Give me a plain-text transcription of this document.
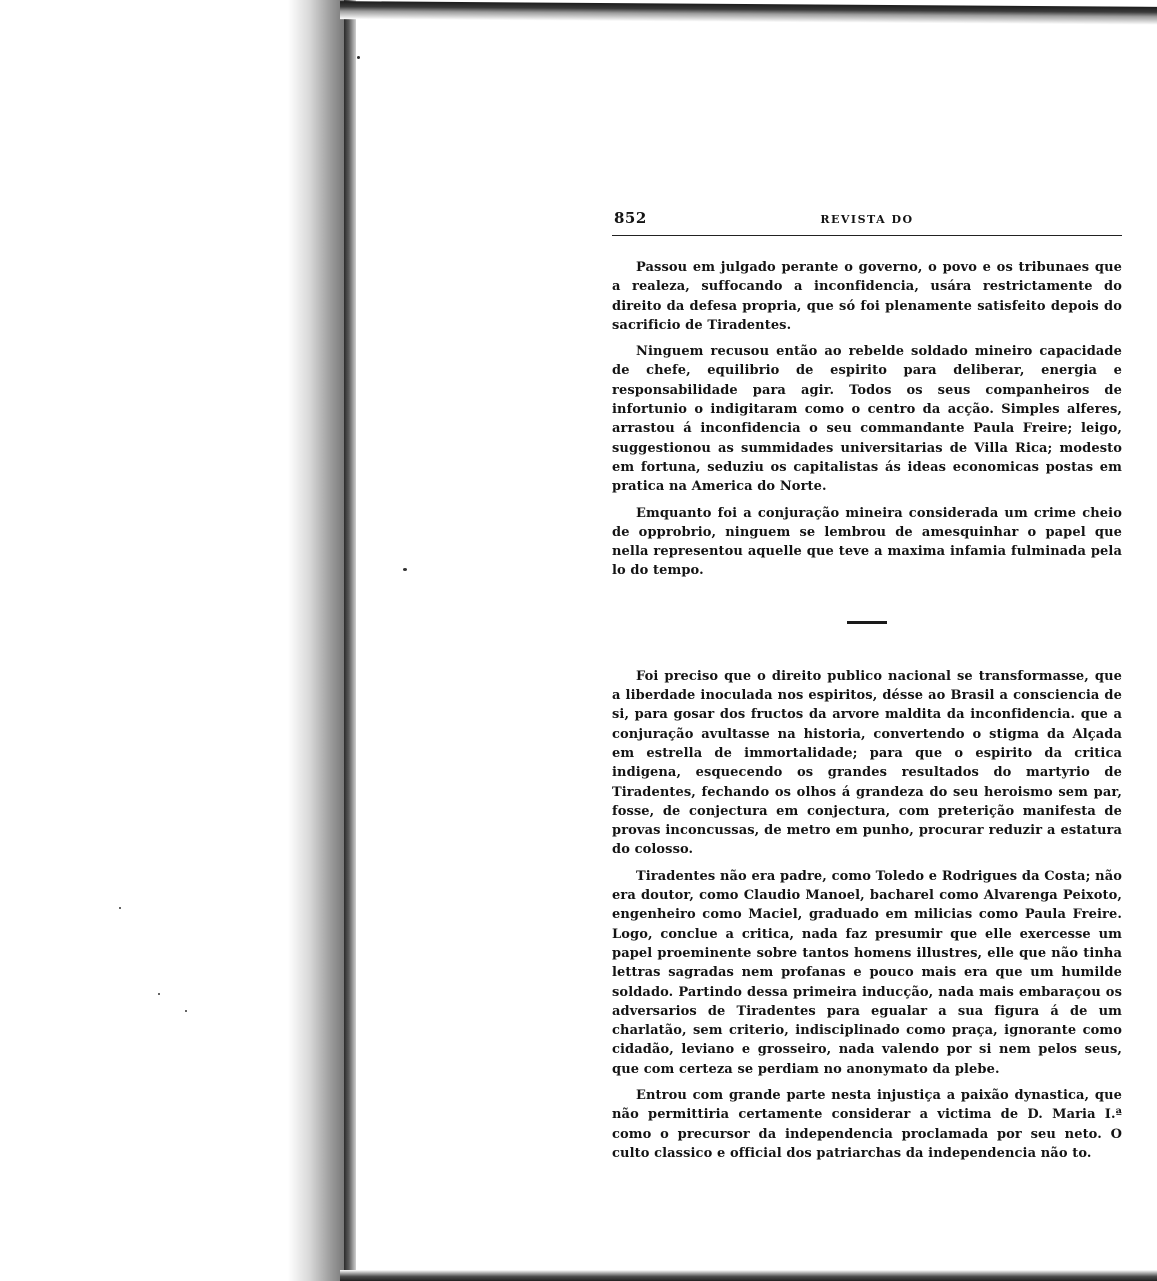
852	REVISTA DO

Passou em julgado perante o governo, o povo e os tribunaes que a realeza, suffocando a inconfidencia, usára restrictamente do direito da defesa propria, que só foi plenamente satisfeito depois do sacrificio de Tiradentes.

Ninguem recusou então ao rebelde soldado mineiro capacidade de chefe, equilibrio de espirito para deliberar, energia e responsabilidade para agir. Todos os seus companheiros de infortunio o indigitaram como o centro da acção. Simples alferes, arrastou á inconfidencia o seu commandante Paula Freire; leigo, suggestionou as summidades universitarias de Villa Rica; modesto em fortuna, seduziu os capitalistas ás ideas economicas postas em pratica na America do Norte.

Emquanto foi a conjuração mineira considerada um crime cheio de opprobrio, ninguem se lembrou de amesquinhar o papel que nella representou aquelle que teve a maxima infamia fulminada pela lo do tempo.

Foi preciso que o direito publico nacional se transformasse, que a liberdade inoculada nos espiritos, désse ao Brasil a consciencia de si, para gosar dos fructos da arvore maldita da inconfidencia. que a conjuração avultasse na historia, convertendo o stigma da Alçada em estrella de immortalidade; para que o espirito da critica indigena, esquecendo os grandes resultados do martyrio de Tiradentes, fechando os olhos á grandeza do seu heroismo sem par, fosse, de conjectura em conjectura, com preterição manifesta de provas inconcussas, de metro em punho, procurar reduzir a estatura do colosso.

Tiradentes não era padre, como Toledo e Rodrigues da Costa; não era doutor, como Claudio Manoel, bacharel como Alvarenga Peixoto, engenheiro como Maciel, graduado em milicias como Paula Freire. Logo, conclue a critica, nada faz presumir que elle exercesse um papel proeminente sobre tantos homens illustres, elle que não tinha lettras sagradas nem profanas e pouco mais era que um humilde soldado. Partindo dessa primeira inducção, nada mais embaraçou os adversarios de Tiradentes para egualar a sua figura á de um charlatão, sem criterio, indisciplinado como praça, ignorante como cidadão, leviano e grosseiro, nada valendo por si nem pelos seus, que com certeza se perdiam no anonymato da plebe.

Entrou com grande parte nesta injustiça a paixão dynastica, que não permittiria certamente considerar a victima de D. Maria I.ª como o precursor da independencia proclamada por seu neto. O culto classico e official dos patriarchas da independencia não to.
